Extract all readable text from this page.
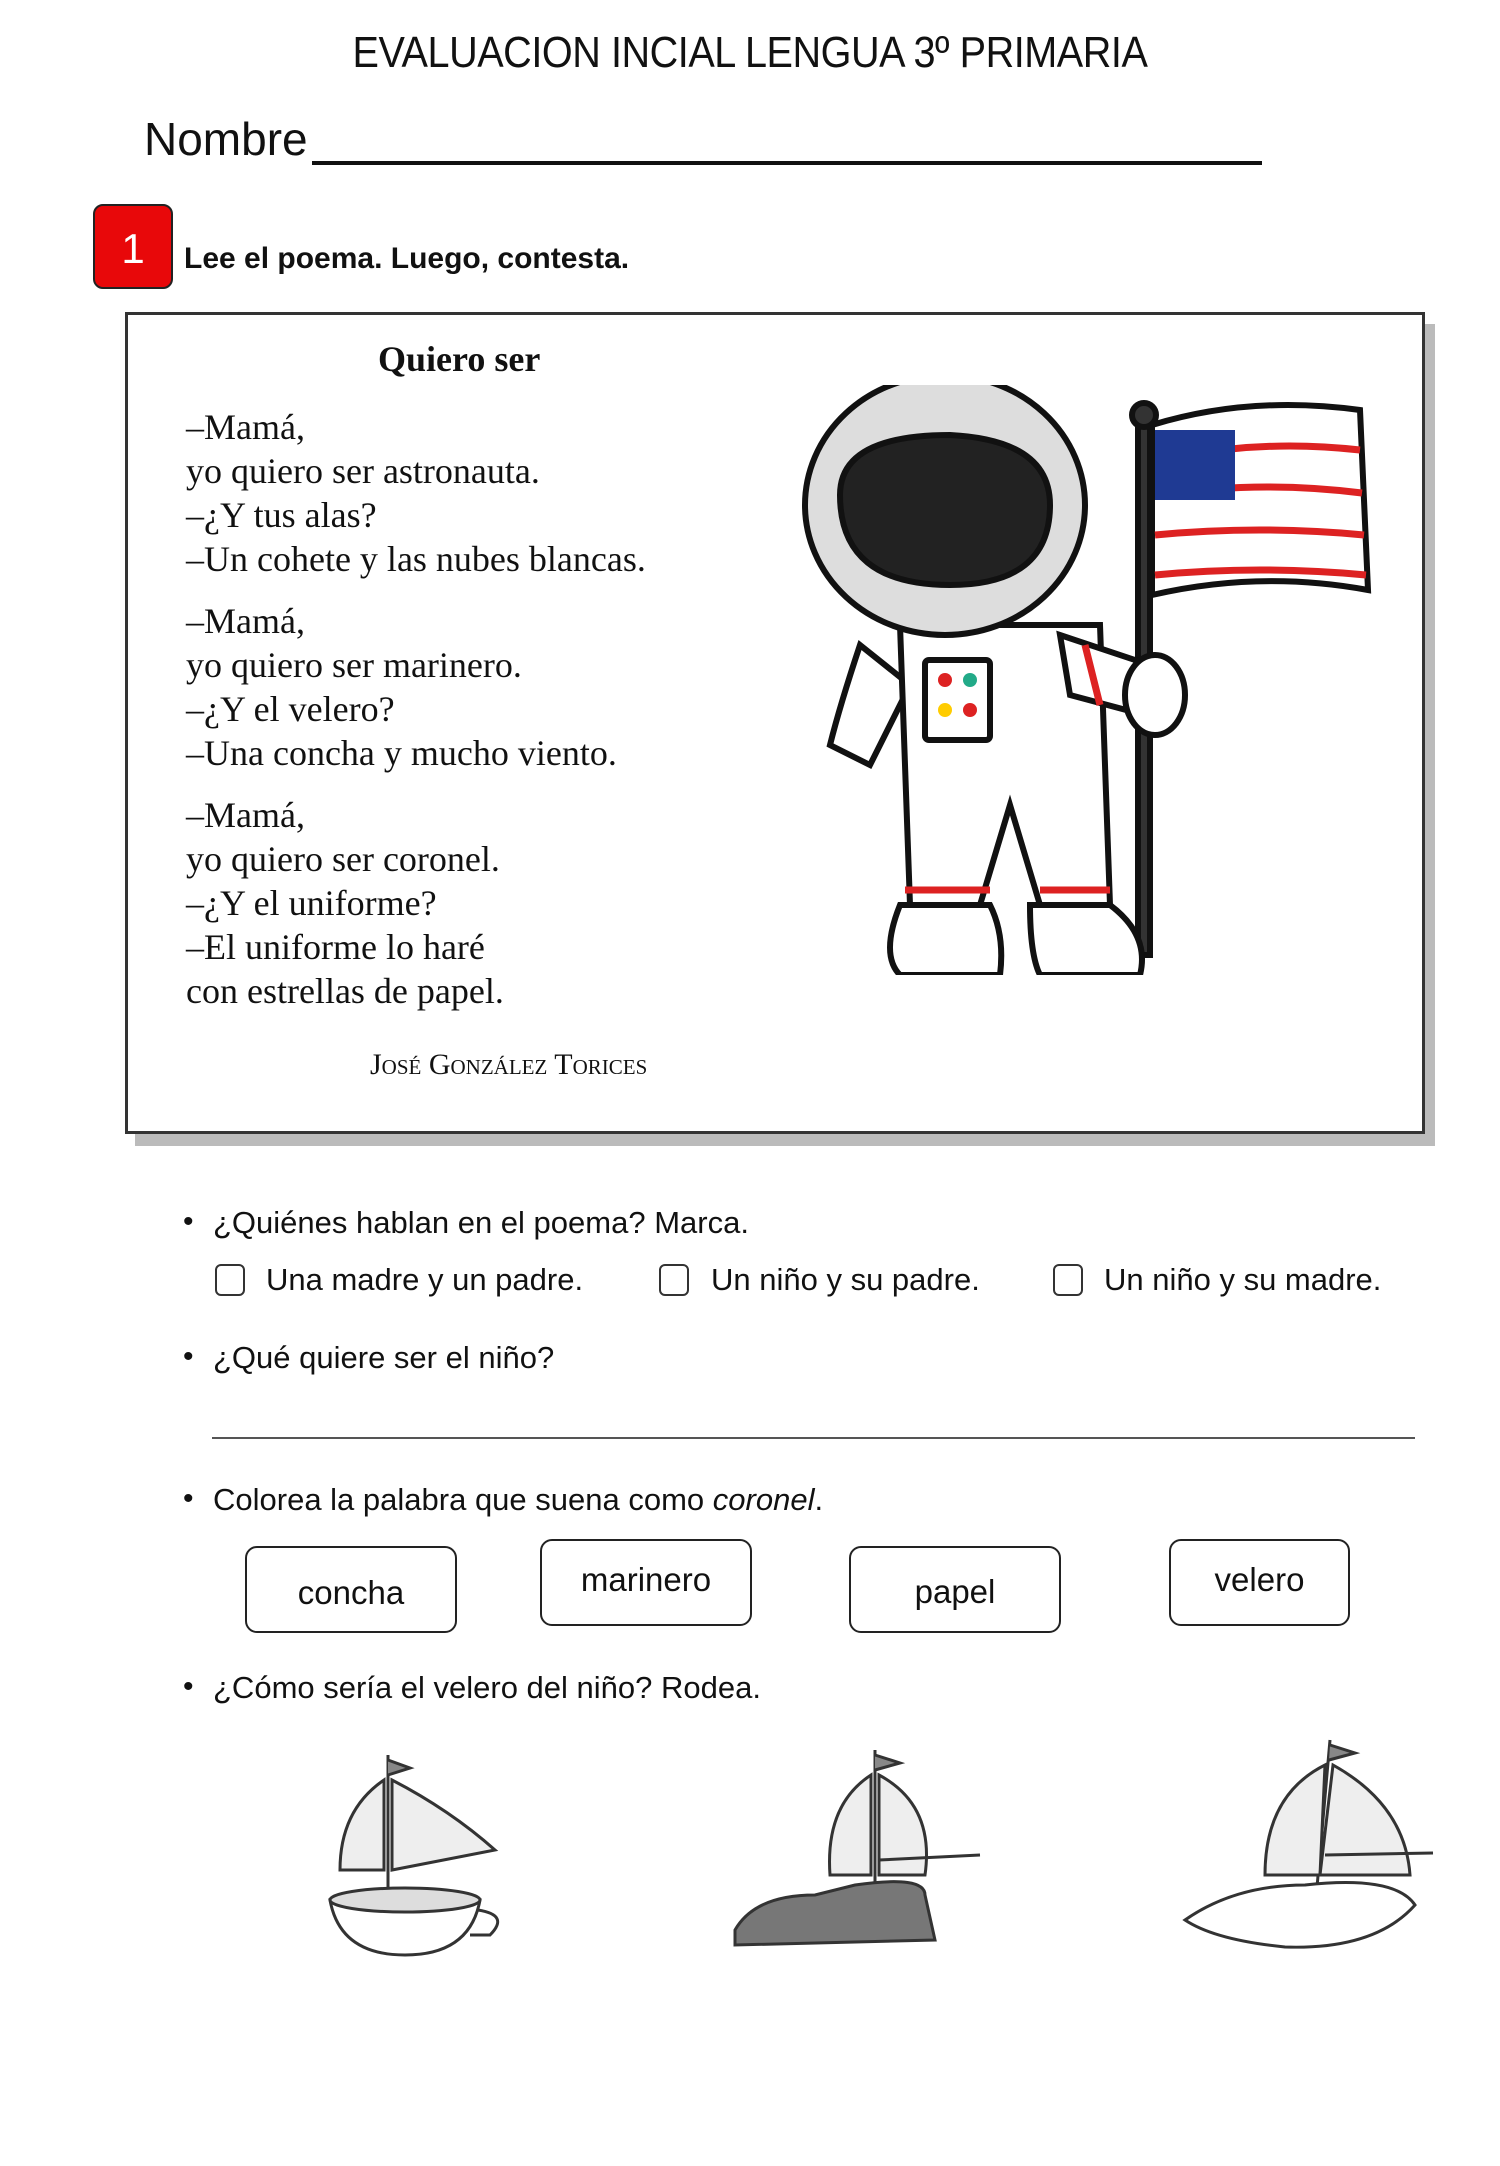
EVALUACION INCIAL LENGUA 3º PRIMARIA
Nombre
1	Lee el poema. Luego, contesta.
Quiero ser
–Mamá,
yo quiero ser astronauta.
–¿Y tus alas?
–Un cohete y las nubes blancas.
–Mamá,
yo quiero ser marinero.
–¿Y el velero?
–Una concha y mucho viento.
–Mamá,
yo quiero ser coronel.
–¿Y el uniforme?
–El uniforme lo haré
con estrellas de papel.
José González Torices
• ¿Quiénes hablan en el poema? Marca.
Una madre y un padre.	Un niño y su padre.	Un niño y su madre.
• ¿Qué quiere ser el niño?
• Colorea la palabra que suena como coronel.
concha	marinero	papel	velero
• ¿Cómo sería el velero del niño? Rodea.
